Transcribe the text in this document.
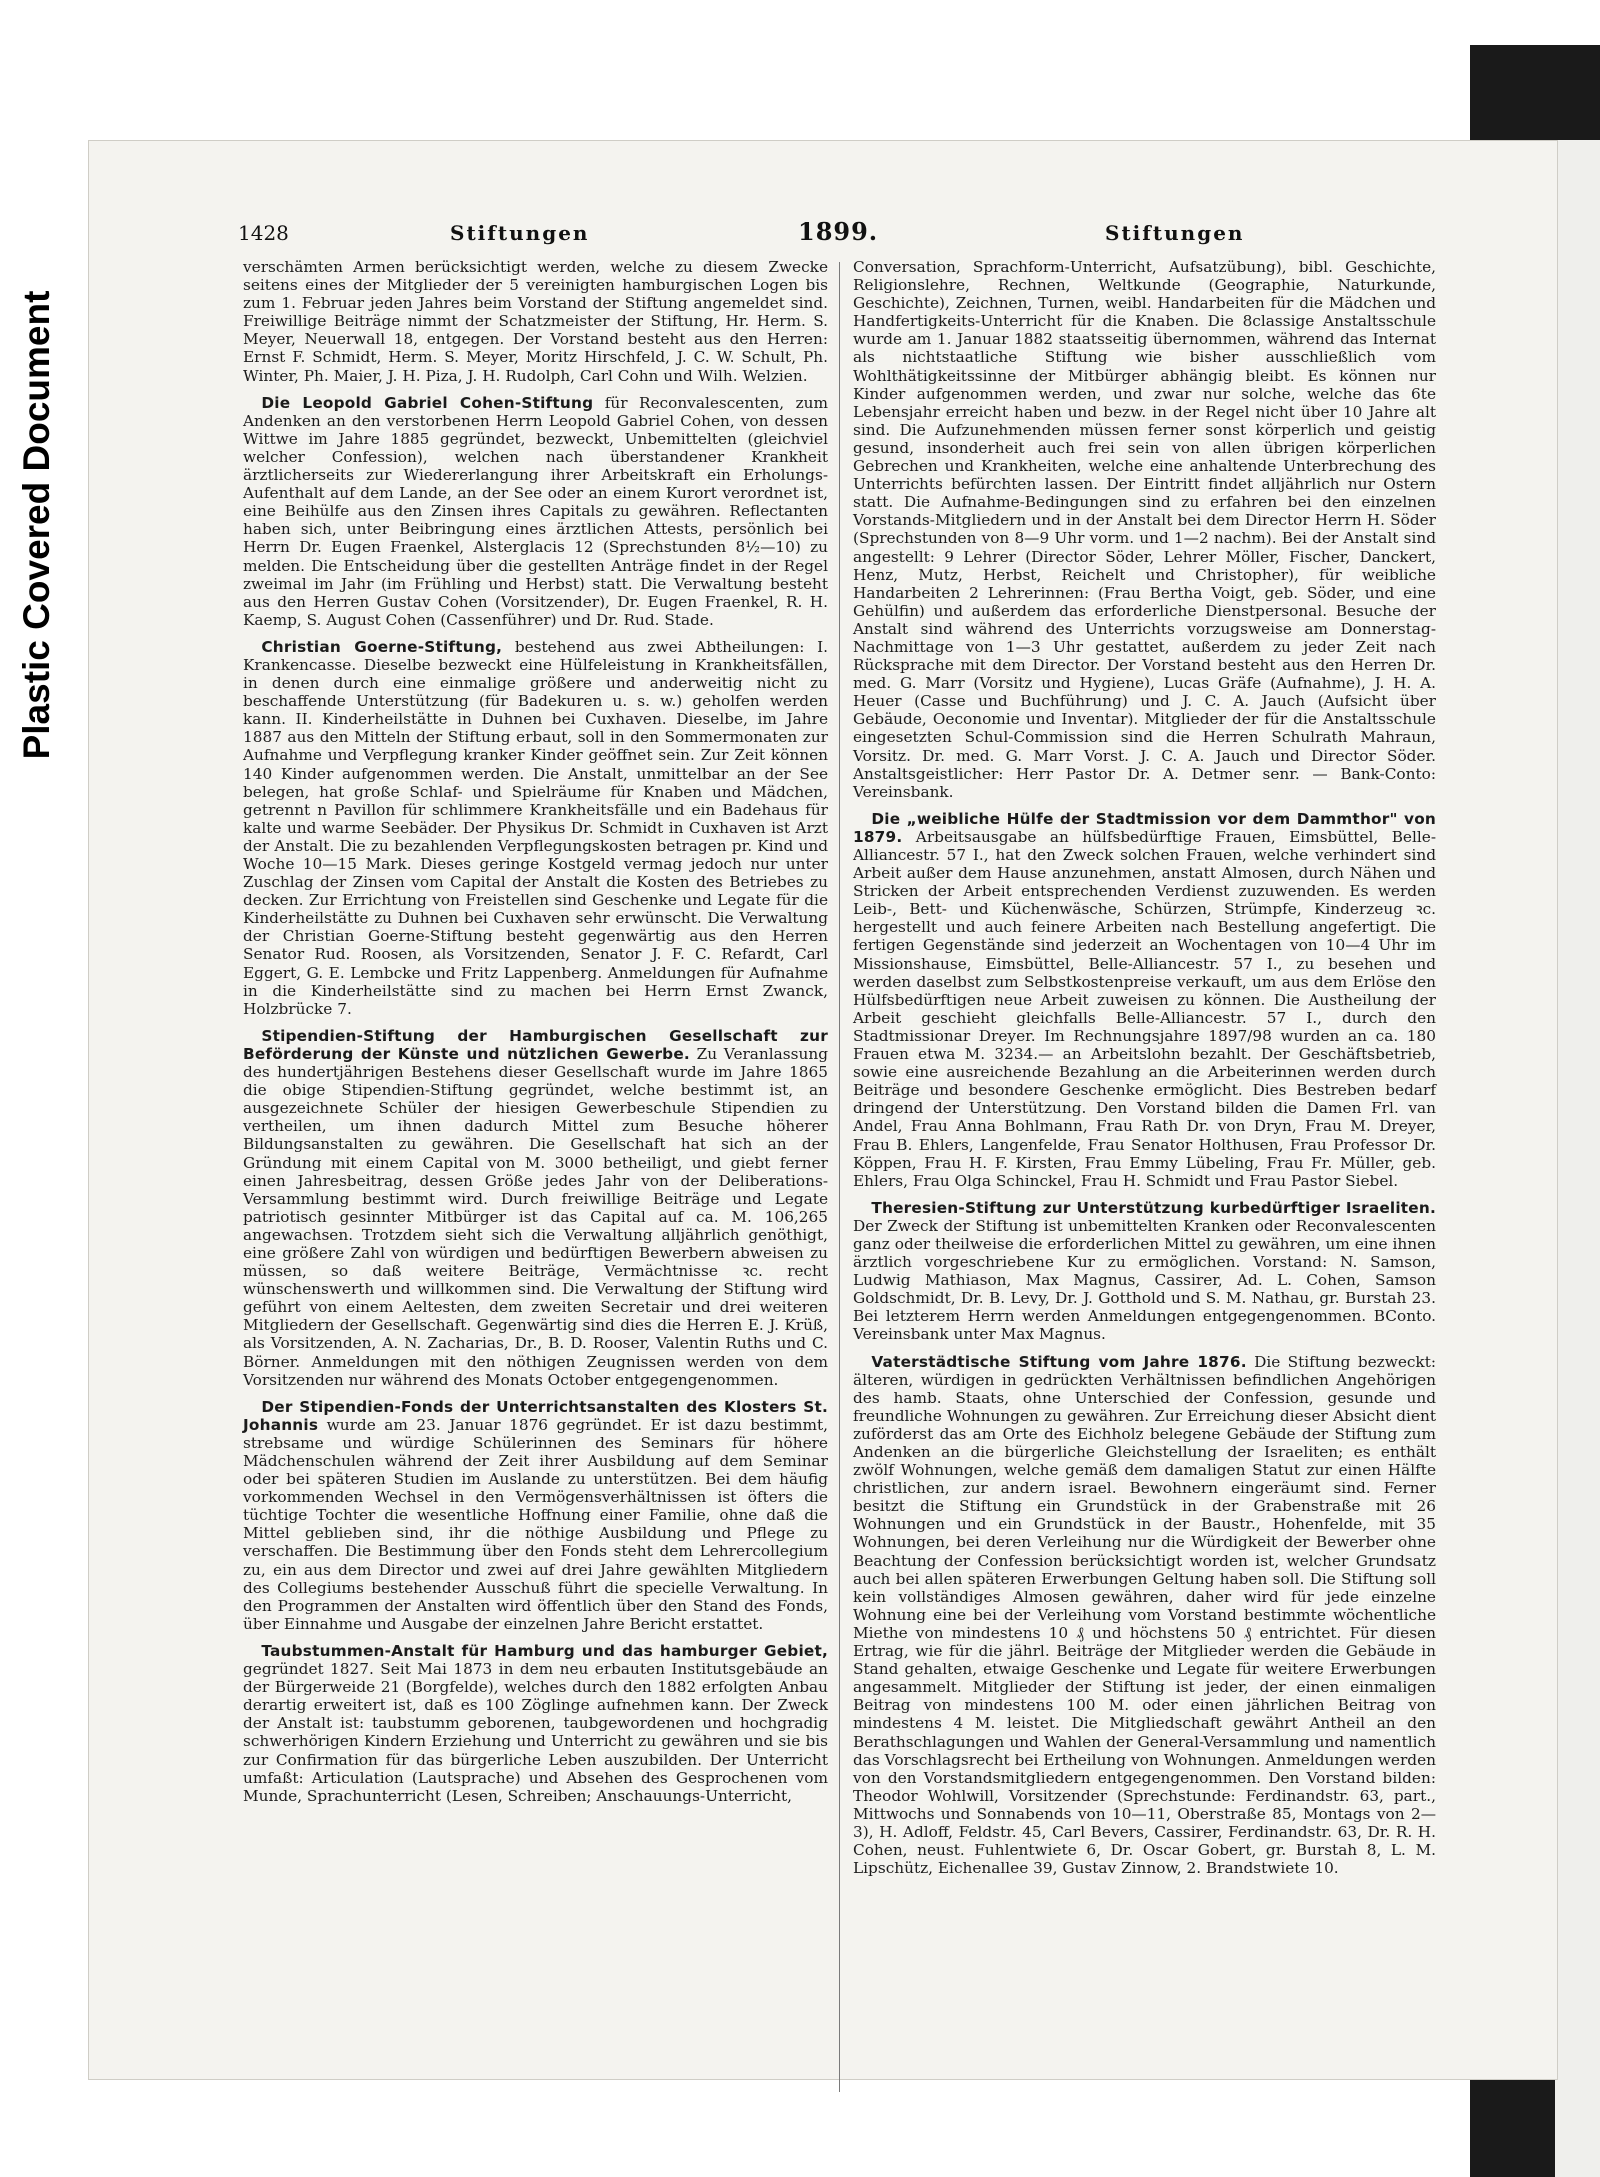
Plastic Covered Document
1428	Stiftungen	1899.	Stiftungen

verschämten Armen berücksichtigt werden, welche zu diesem Zwecke seitens eines der Mitglieder der 5 vereinigten hamburgischen Logen bis zum 1. Februar jeden Jahres beim Vorstand der Stiftung angemeldet sind. Freiwillige Beiträge nimmt der Schatzmeister der Stiftung, Hr. Herm. S. Meyer, Neuerwall 18, entgegen. Der Vorstand besteht aus den Herren: Ernst F. Schmidt, Herm. S. Meyer, Moritz Hirschfeld, J. C. W. Schult, Ph. Winter, Ph. Maier, J. H. Piza, J. H. Rudolph, Carl Cohn und Wilh. Welzien.

Die Leopold Gabriel Cohen-Stiftung für Reconvalescenten, zum Andenken an den verstorbenen Herrn Leopold Gabriel Cohen, von dessen Wittwe im Jahre 1885 gegründet, bezweckt, Unbemittelten (gleichviel welcher Confession), welchen nach überstandener Krankheit ärztlicherseits zur Wiedererlangung ihrer Arbeitskraft ein Erholungs-Aufenthalt auf dem Lande, an der See oder an einem Kurort verordnet ist, eine Beihülfe aus den Zinsen ihres Capitals zu gewähren. Reflectanten haben sich, unter Beibringung eines ärztlichen Attests, persönlich bei Herrn Dr. Eugen Fraenkel, Alsterglacis 12 (Sprechstunden 8½—10) zu melden. Die Entscheidung über die gestellten Anträge findet in der Regel zweimal im Jahr (im Frühling und Herbst) statt. Die Verwaltung besteht aus den Herren Gustav Cohen (Vorsitzender), Dr. Eugen Fraenkel, R. H. Kaemp, S. August Cohen (Cassenführer) und Dr. Rud. Stade.

Christian Goerne-Stiftung, bestehend aus zwei Abtheilungen: I. Krankencasse. Dieselbe bezweckt eine Hülfeleistung in Krankheitsfällen, in denen durch eine einmalige größere und anderweitig nicht zu beschaffende Unterstützung (für Badekuren u. s. w.) geholfen werden kann. II. Kinderheilstätte in Duhnen bei Cuxhaven. Dieselbe, im Jahre 1887 aus den Mitteln der Stiftung erbaut, soll in den Sommermonaten zur Aufnahme und Verpflegung kranker Kinder geöffnet sein. Zur Zeit können 140 Kinder aufgenommen werden. Die Anstalt, unmittelbar an der See belegen, hat große Schlaf- und Spielräume für Knaben und Mädchen, getrennt n Pavillon für schlimmere Krankheitsfälle und ein Badehaus für kalte und warme Seebäder. Der Physikus Dr. Schmidt in Cuxhaven ist Arzt der Anstalt. Die zu bezahlenden Verpflegungskosten betragen pr. Kind und Woche 10—15 Mark. Dieses geringe Kostgeld vermag jedoch nur unter Zuschlag der Zinsen vom Capital der Anstalt die Kosten des Betriebes zu decken. Zur Errichtung von Freistellen sind Geschenke und Legate für die Kinderheilstätte zu Duhnen bei Cuxhaven sehr erwünscht. Die Verwaltung der Christian Goerne-Stiftung besteht gegenwärtig aus den Herren Senator Rud. Roosen, als Vorsitzenden, Senator J. F. C. Refardt, Carl Eggert, G. E. Lembcke und Fritz Lappenberg. Anmeldungen für Aufnahme in die Kinderheilstätte sind zu machen bei Herrn Ernst Zwanck, Holzbrücke 7.

Stipendien-Stiftung der Hamburgischen Gesellschaft zur Beförderung der Künste und nützlichen Gewerbe. Zu Veranlassung des hundertjährigen Bestehens dieser Gesellschaft wurde im Jahre 1865 die obige Stipendien-Stiftung gegründet, welche bestimmt ist, an ausgezeichnete Schüler der hiesigen Gewerbeschule Stipendien zu vertheilen, um ihnen dadurch Mittel zum Besuche höherer Bildungsanstalten zu gewähren. Die Gesellschaft hat sich an der Gründung mit einem Capital von M. 3000 betheiligt, und giebt ferner einen Jahresbeitrag, dessen Größe jedes Jahr von der Deliberations-Versammlung bestimmt wird. Durch freiwillige Beiträge und Legate patriotisch gesinnter Mitbürger ist das Capital auf ca. M. 106,265 angewachsen. Trotzdem sieht sich die Verwaltung alljährlich genöthigt, eine größere Zahl von würdigen und bedürftigen Bewerbern abweisen zu müssen, so daß weitere Beiträge, Vermächtnisse ꝛc. recht wünschenswerth und willkommen sind. Die Verwaltung der Stiftung wird geführt von einem Aeltesten, dem zweiten Secretair und drei weiteren Mitgliedern der Gesellschaft. Gegenwärtig sind dies die Herren E. J. Krüß, als Vorsitzenden, A. N. Zacharias, Dr., B. D. Rooser, Valentin Ruths und C. Börner. Anmeldungen mit den nöthigen Zeugnissen werden von dem Vorsitzenden nur während des Monats October entgegengenommen.

Der Stipendien-Fonds der Unterrichtsanstalten des Klosters St. Johannis wurde am 23. Januar 1876 gegründet. Er ist dazu bestimmt, strebsame und würdige Schülerinnen des Seminars für höhere Mädchenschulen während der Zeit ihrer Ausbildung auf dem Seminar oder bei späteren Studien im Auslande zu unterstützen. Bei dem häufig vorkommenden Wechsel in den Vermögensverhältnissen ist öfters die tüchtige Tochter die wesentliche Hoffnung einer Familie, ohne daß die Mittel geblieben sind, ihr die nöthige Ausbildung und Pflege zu verschaffen. Die Bestimmung über den Fonds steht dem Lehrercollegium zu, ein aus dem Director und zwei auf drei Jahre gewählten Mitgliedern des Collegiums bestehender Ausschuß führt die specielle Verwaltung. In den Programmen der Anstalten wird öffentlich über den Stand des Fonds, über Einnahme und Ausgabe der einzelnen Jahre Bericht erstattet.

Taubstummen-Anstalt für Hamburg und das hamburger Gebiet, gegründet 1827. Seit Mai 1873 in dem neu erbauten Institutsgebäude an der Bürgerweide 21 (Borgfelde), welches durch den 1882 erfolgten Anbau derartig erweitert ist, daß es 100 Zöglinge aufnehmen kann. Der Zweck der Anstalt ist: taubstumm geborenen, taubgewordenen und hochgradig schwerhörigen Kindern Erziehung und Unterricht zu gewähren und sie bis zur Confirmation für das bürgerliche Leben auszubilden. Der Unterricht umfaßt: Articulation (Lautsprache) und Absehen des Gesprochenen vom Munde, Sprachunterricht (Lesen, Schreiben; Anschauungs-Unterricht,

Conversation, Sprachform-Unterricht, Aufsatzübung), bibl. Geschichte, Religionslehre, Rechnen, Weltkunde (Geographie, Naturkunde, Geschichte), Zeichnen, Turnen, weibl. Handarbeiten für die Mädchen und Handfertigkeits-Unterricht für die Knaben. Die 8classige Anstaltsschule wurde am 1. Januar 1882 staatsseitig übernommen, während das Internat als nichtstaatliche Stiftung wie bisher ausschließlich vom Wohlthätigkeitssinne der Mitbürger abhängig bleibt. Es können nur Kinder aufgenommen werden, und zwar nur solche, welche das 6te Lebensjahr erreicht haben und bezw. in der Regel nicht über 10 Jahre alt sind. Die Aufzunehmenden müssen ferner sonst körperlich und geistig gesund, insonderheit auch frei sein von allen übrigen körperlichen Gebrechen und Krankheiten, welche eine anhaltende Unterbrechung des Unterrichts befürchten lassen. Der Eintritt findet alljährlich nur Ostern statt. Die Aufnahme-Bedingungen sind zu erfahren bei den einzelnen Vorstands-Mitgliedern und in der Anstalt bei dem Director Herrn H. Söder (Sprechstunden von 8—9 Uhr vorm. und 1—2 nachm). Bei der Anstalt sind angestellt: 9 Lehrer (Director Söder, Lehrer Möller, Fischer, Danckert, Henz, Mutz, Herbst, Reichelt und Christopher), für weibliche Handarbeiten 2 Lehrerinnen: (Frau Bertha Voigt, geb. Söder, und eine Gehülfin) und außerdem das erforderliche Dienstpersonal. Besuche der Anstalt sind während des Unterrichts vorzugsweise am Donnerstag-Nachmittage von 1—3 Uhr gestattet, außerdem zu jeder Zeit nach Rücksprache mit dem Director. Der Vorstand besteht aus den Herren Dr. med. G. Marr (Vorsitz und Hygiene), Lucas Gräfe (Aufnahme), J. H. A. Heuer (Casse und Buchführung) und J. C. A. Jauch (Aufsicht über Gebäude, Oeconomie und Inventar). Mitglieder der für die Anstaltsschule eingesetzten Schul-Commission sind die Herren Schulrath Mahraun, Vorsitz. Dr. med. G. Marr Vorst. J. C. A. Jauch und Director Söder. Anstaltsgeistlicher: Herr Pastor Dr. A. Detmer senr. — Bank-Conto: Vereinsbank.

Die „weibliche Hülfe der Stadtmission vor dem Dammthor" von 1879. Arbeitsausgabe an hülfsbedürftige Frauen, Eimsbüttel, Belle-Alliancestr. 57 I., hat den Zweck solchen Frauen, welche verhindert sind Arbeit außer dem Hause anzunehmen, anstatt Almosen, durch Nähen und Stricken der Arbeit entsprechenden Verdienst zuzuwenden. Es werden Leib-, Bett- und Küchenwäsche, Schürzen, Strümpfe, Kinderzeug ꝛc. hergestellt und auch feinere Arbeiten nach Bestellung angefertigt. Die fertigen Gegenstände sind jederzeit an Wochentagen von 10—4 Uhr im Missionshause, Eimsbüttel, Belle-Alliancestr. 57 I., zu besehen und werden daselbst zum Selbstkostenpreise verkauft, um aus dem Erlöse den Hülfsbedürftigen neue Arbeit zuweisen zu können. Die Austheilung der Arbeit geschieht gleichfalls Belle-Alliancestr. 57 I., durch den Stadtmissionar Dreyer. Im Rechnungsjahre 1897/98 wurden an ca. 180 Frauen etwa M. 3234.— an Arbeitslohn bezahlt. Der Geschäftsbetrieb, sowie eine ausreichende Bezahlung an die Arbeiterinnen werden durch Beiträge und besondere Geschenke ermöglicht. Dies Bestreben bedarf dringend der Unterstützung. Den Vorstand bilden die Damen Frl. van Andel, Frau Anna Bohlmann, Frau Rath Dr. von Dryn, Frau M. Dreyer, Frau B. Ehlers, Langenfelde, Frau Senator Holthusen, Frau Professor Dr. Köppen, Frau H. F. Kirsten, Frau Emmy Lübeling, Frau Fr. Müller, geb. Ehlers, Frau Olga Schinckel, Frau H. Schmidt und Frau Pastor Siebel.

Theresien-Stiftung zur Unterstützung kurbedürftiger Israeliten. Der Zweck der Stiftung ist unbemittelten Kranken oder Reconvalescenten ganz oder theilweise die erforderlichen Mittel zu gewähren, um eine ihnen ärztlich vorgeschriebene Kur zu ermöglichen. Vorstand: N. Samson, Ludwig Mathiason, Max Magnus, Cassirer, Ad. L. Cohen, Samson Goldschmidt, Dr. B. Levy, Dr. J. Gotthold und S. M. Nathau, gr. Burstah 23. Bei letzterem Herrn werden Anmeldungen entgegengenommen. BConto. Vereinsbank unter Max Magnus.

Vaterstädtische Stiftung vom Jahre 1876. Die Stiftung bezweckt: älteren, würdigen in gedrückten Verhältnissen befindlichen Angehörigen des hamb. Staats, ohne Unterschied der Confession, gesunde und freundliche Wohnungen zu gewähren. Zur Erreichung dieser Absicht dient zuförderst das am Orte des Eichholz belegene Gebäude der Stiftung zum Andenken an die bürgerliche Gleichstellung der Israeliten; es enthält zwölf Wohnungen, welche gemäß dem damaligen Statut zur einen Hälfte christlichen, zur andern israel. Bewohnern eingeräumt sind. Ferner besitzt die Stiftung ein Grundstück in der Grabenstraße mit 26 Wohnungen und ein Grundstück in der Baustr., Hohenfelde, mit 35 Wohnungen, bei deren Verleihung nur die Würdigkeit der Bewerber ohne Beachtung der Confession berücksichtigt worden ist, welcher Grundsatz auch bei allen späteren Erwerbungen Geltung haben soll. Die Stiftung soll kein vollständiges Almosen gewähren, daher wird für jede einzelne Wohnung eine bei der Verleihung vom Vorstand bestimmte wöchentliche Miethe von mindestens 10 ₰ und höchstens 50 ₰ entrichtet. Für diesen Ertrag, wie für die jährl. Beiträge der Mitglieder werden die Gebäude in Stand gehalten, etwaige Geschenke und Legate für weitere Erwerbungen angesammelt. Mitglieder der Stiftung ist jeder, der einen einmaligen Beitrag von mindestens 100 M. oder einen jährlichen Beitrag von mindestens 4 M. leistet. Die Mitgliedschaft gewährt Antheil an den Berathschlagungen und Wahlen der General-Versammlung und namentlich das Vorschlagsrecht bei Ertheilung von Wohnungen. Anmeldungen werden von den Vorstandsmitgliedern entgegengenommen. Den Vorstand bilden: Theodor Wohlwill, Vorsitzender (Sprechstunde: Ferdinandstr. 63, part., Mittwochs und Sonnabends von 10—11, Oberstraße 85, Montags von 2—3), H. Adloff, Feldstr. 45, Carl Bevers, Cassirer, Ferdinandstr. 63, Dr. R. H. Cohen, neust. Fuhlentwiete 6, Dr. Oscar Gobert, gr. Burstah 8, L. M. Lipschütz, Eichenallee 39, Gustav Zinnow, 2. Brandstwiete 10.
